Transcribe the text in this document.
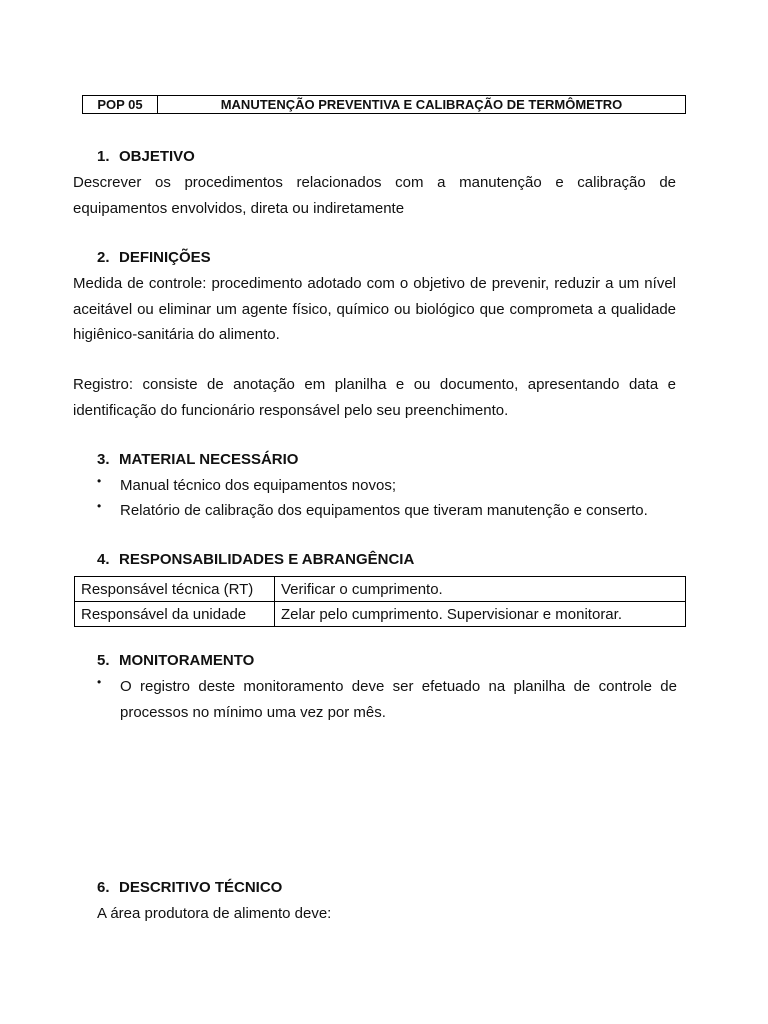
POP 05	MANUTENÇÃO PREVENTIVA E CALIBRAÇÃO DE TERMÔMETRO
1. OBJETIVO
Descrever os procedimentos relacionados com a manutenção e calibração de equipamentos envolvidos, direta ou indiretamente
2. DEFINIÇÕES
Medida de controle: procedimento adotado com o objetivo de prevenir, reduzir a um nível aceitável ou eliminar um agente físico, químico ou biológico que comprometa a qualidade higiênico-sanitária do alimento.
Registro: consiste de anotação em planilha e ou documento, apresentando data e identificação do funcionário responsável pelo seu preenchimento.
3. MATERIAL NECESSÁRIO
• Manual técnico dos equipamentos novos;
• Relatório de calibração dos equipamentos que tiveram manutenção e conserto.
4. RESPONSABILIDADES E ABRANGÊNCIA
Responsável técnica (RT)	Verificar o cumprimento.
Responsável da unidade	Zelar pelo cumprimento. Supervisionar e monitorar.
5. MONITORAMENTO
• O registro deste monitoramento deve ser efetuado na planilha de controle de processos no mínimo uma vez por mês.
6. DESCRITIVO TÉCNICO
A área produtora de alimento deve:
